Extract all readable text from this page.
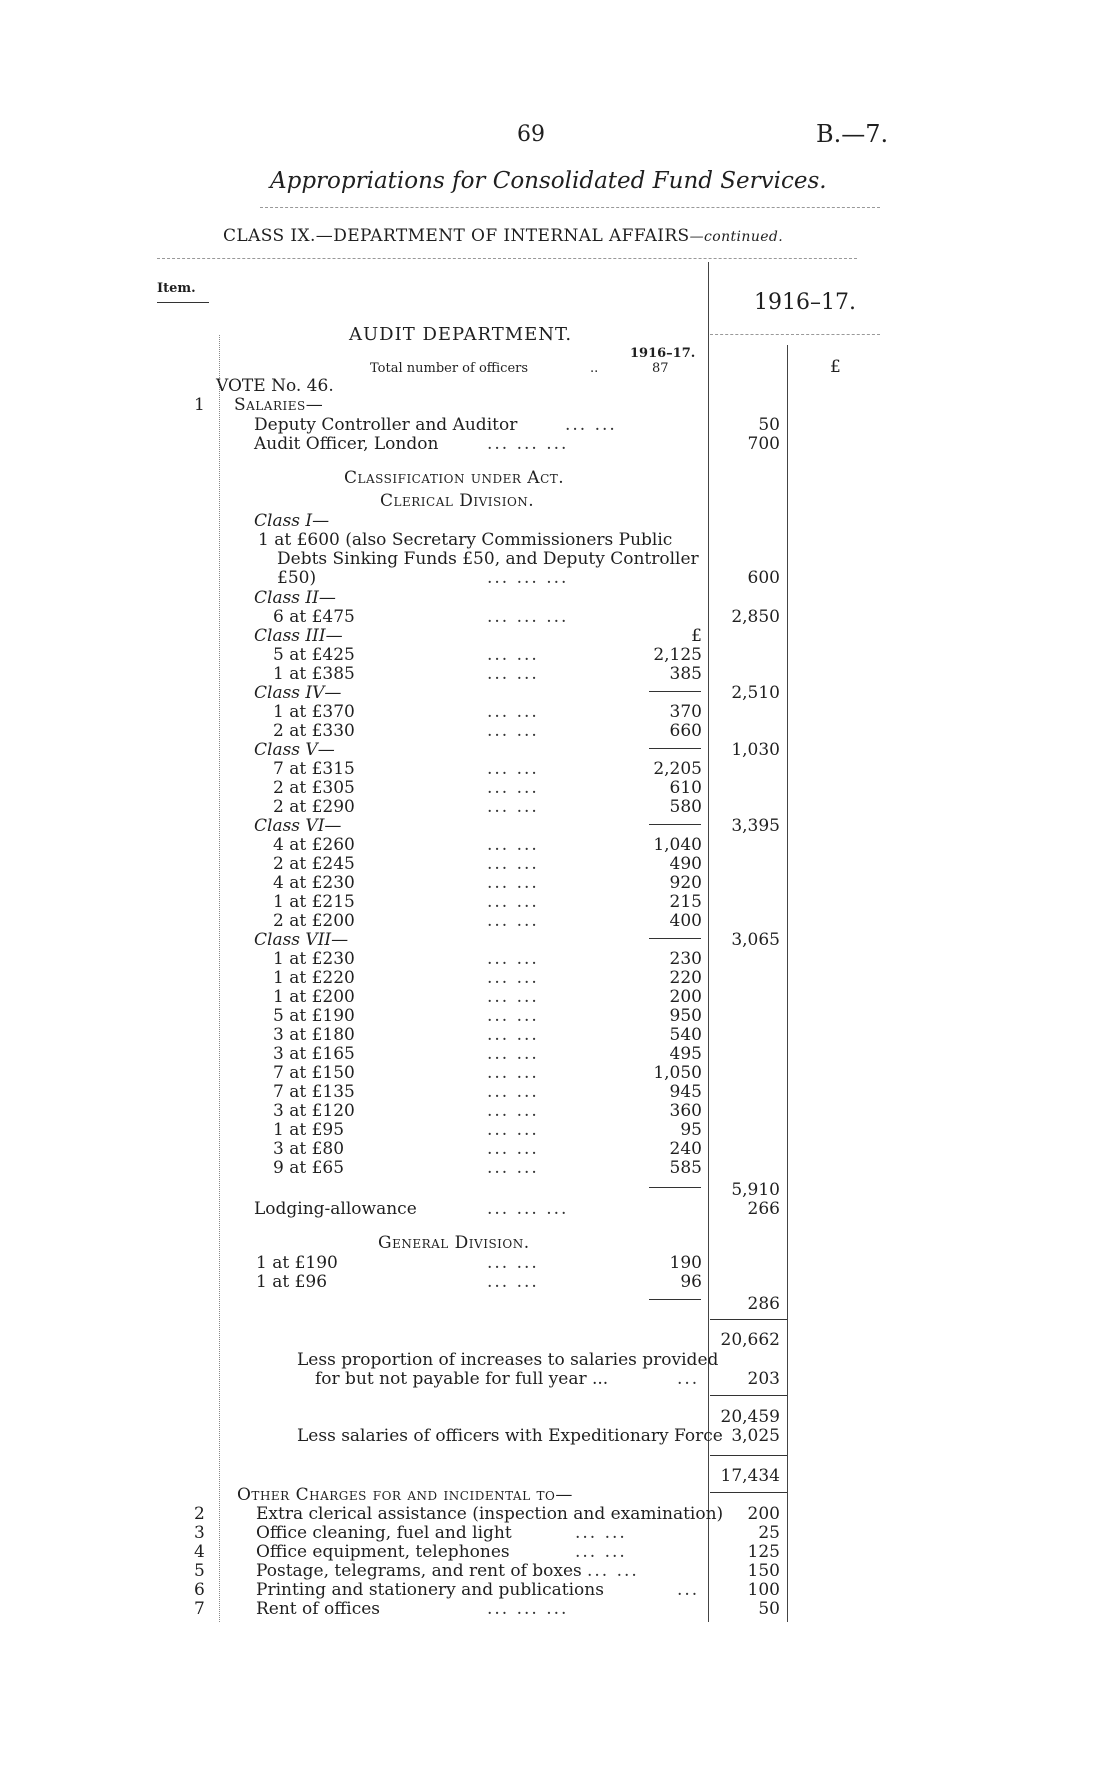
69	B.—7.
Appropriations for Consolidated Fund Services.
CLASS IX.—DEPARTMENT OF INTERNAL AFFAIRS—continued.
Item.
1916–17.
AUDIT DEPARTMENT.
1916–17.
Total number of officers	..	87	£
VOTE No. 46.
1 Salaries—
Deputy Controller and Auditor	... ...	50
Audit Officer, London	... ... ...	700
Classification under Act.
Clerical Division.
Class I—
1 at £600 (also Secretary Commissioners Public
Debts Sinking Funds £50, and Deputy Controller
£50)	... ... ...	600
Class II—
6 at £475	... ... ...	2,850
Class III—	£
5 at £425	... ...	2,125
1 at £385	... ...	385
Class IV—	2,510
1 at £370	... ...	370
2 at £330	... ...	660
Class V—	1,030
7 at £315	... ...	2,205
2 at £305	... ...	610
2 at £290	... ...	580
Class VI—	3,395
4 at £260	... ...	1,040
2 at £245	... ...	490
4 at £230	... ...	920
1 at £215	... ...	215
2 at £200	... ...	400
Class VII—	3,065
1 at £230	... ...	230
1 at £220	... ...	220
1 at £200	... ...	200
5 at £190	... ...	950
3 at £180	... ...	540
3 at £165	... ...	495
7 at £150	... ...	1,050
7 at £135	... ...	945
3 at £120	... ...	360
1 at £95	... ...	95
3 at £80	... ...	240
9 at £65	... ...	585
5,910
Lodging-allowance	... ... ...	266
General Division.
1 at £190	... ...	190
1 at £96	... ...	96
286
20,662
Less proportion of increases to salaries provided
for but not payable for full year ...	...	203
20,459
Less salaries of officers with Expeditionary Force 3,025
17,434
Other Charges for and incidental to—
2	Extra clerical assistance (inspection and examination)	200
3	Office cleaning, fuel and light	... ...	25
4	Office equipment, telephones	... ...	125
5	Postage, telegrams, and rent of boxes ... ...	150
6	Printing and stationery and publications	...	100
7	Rent of offices	... ... ...	50
